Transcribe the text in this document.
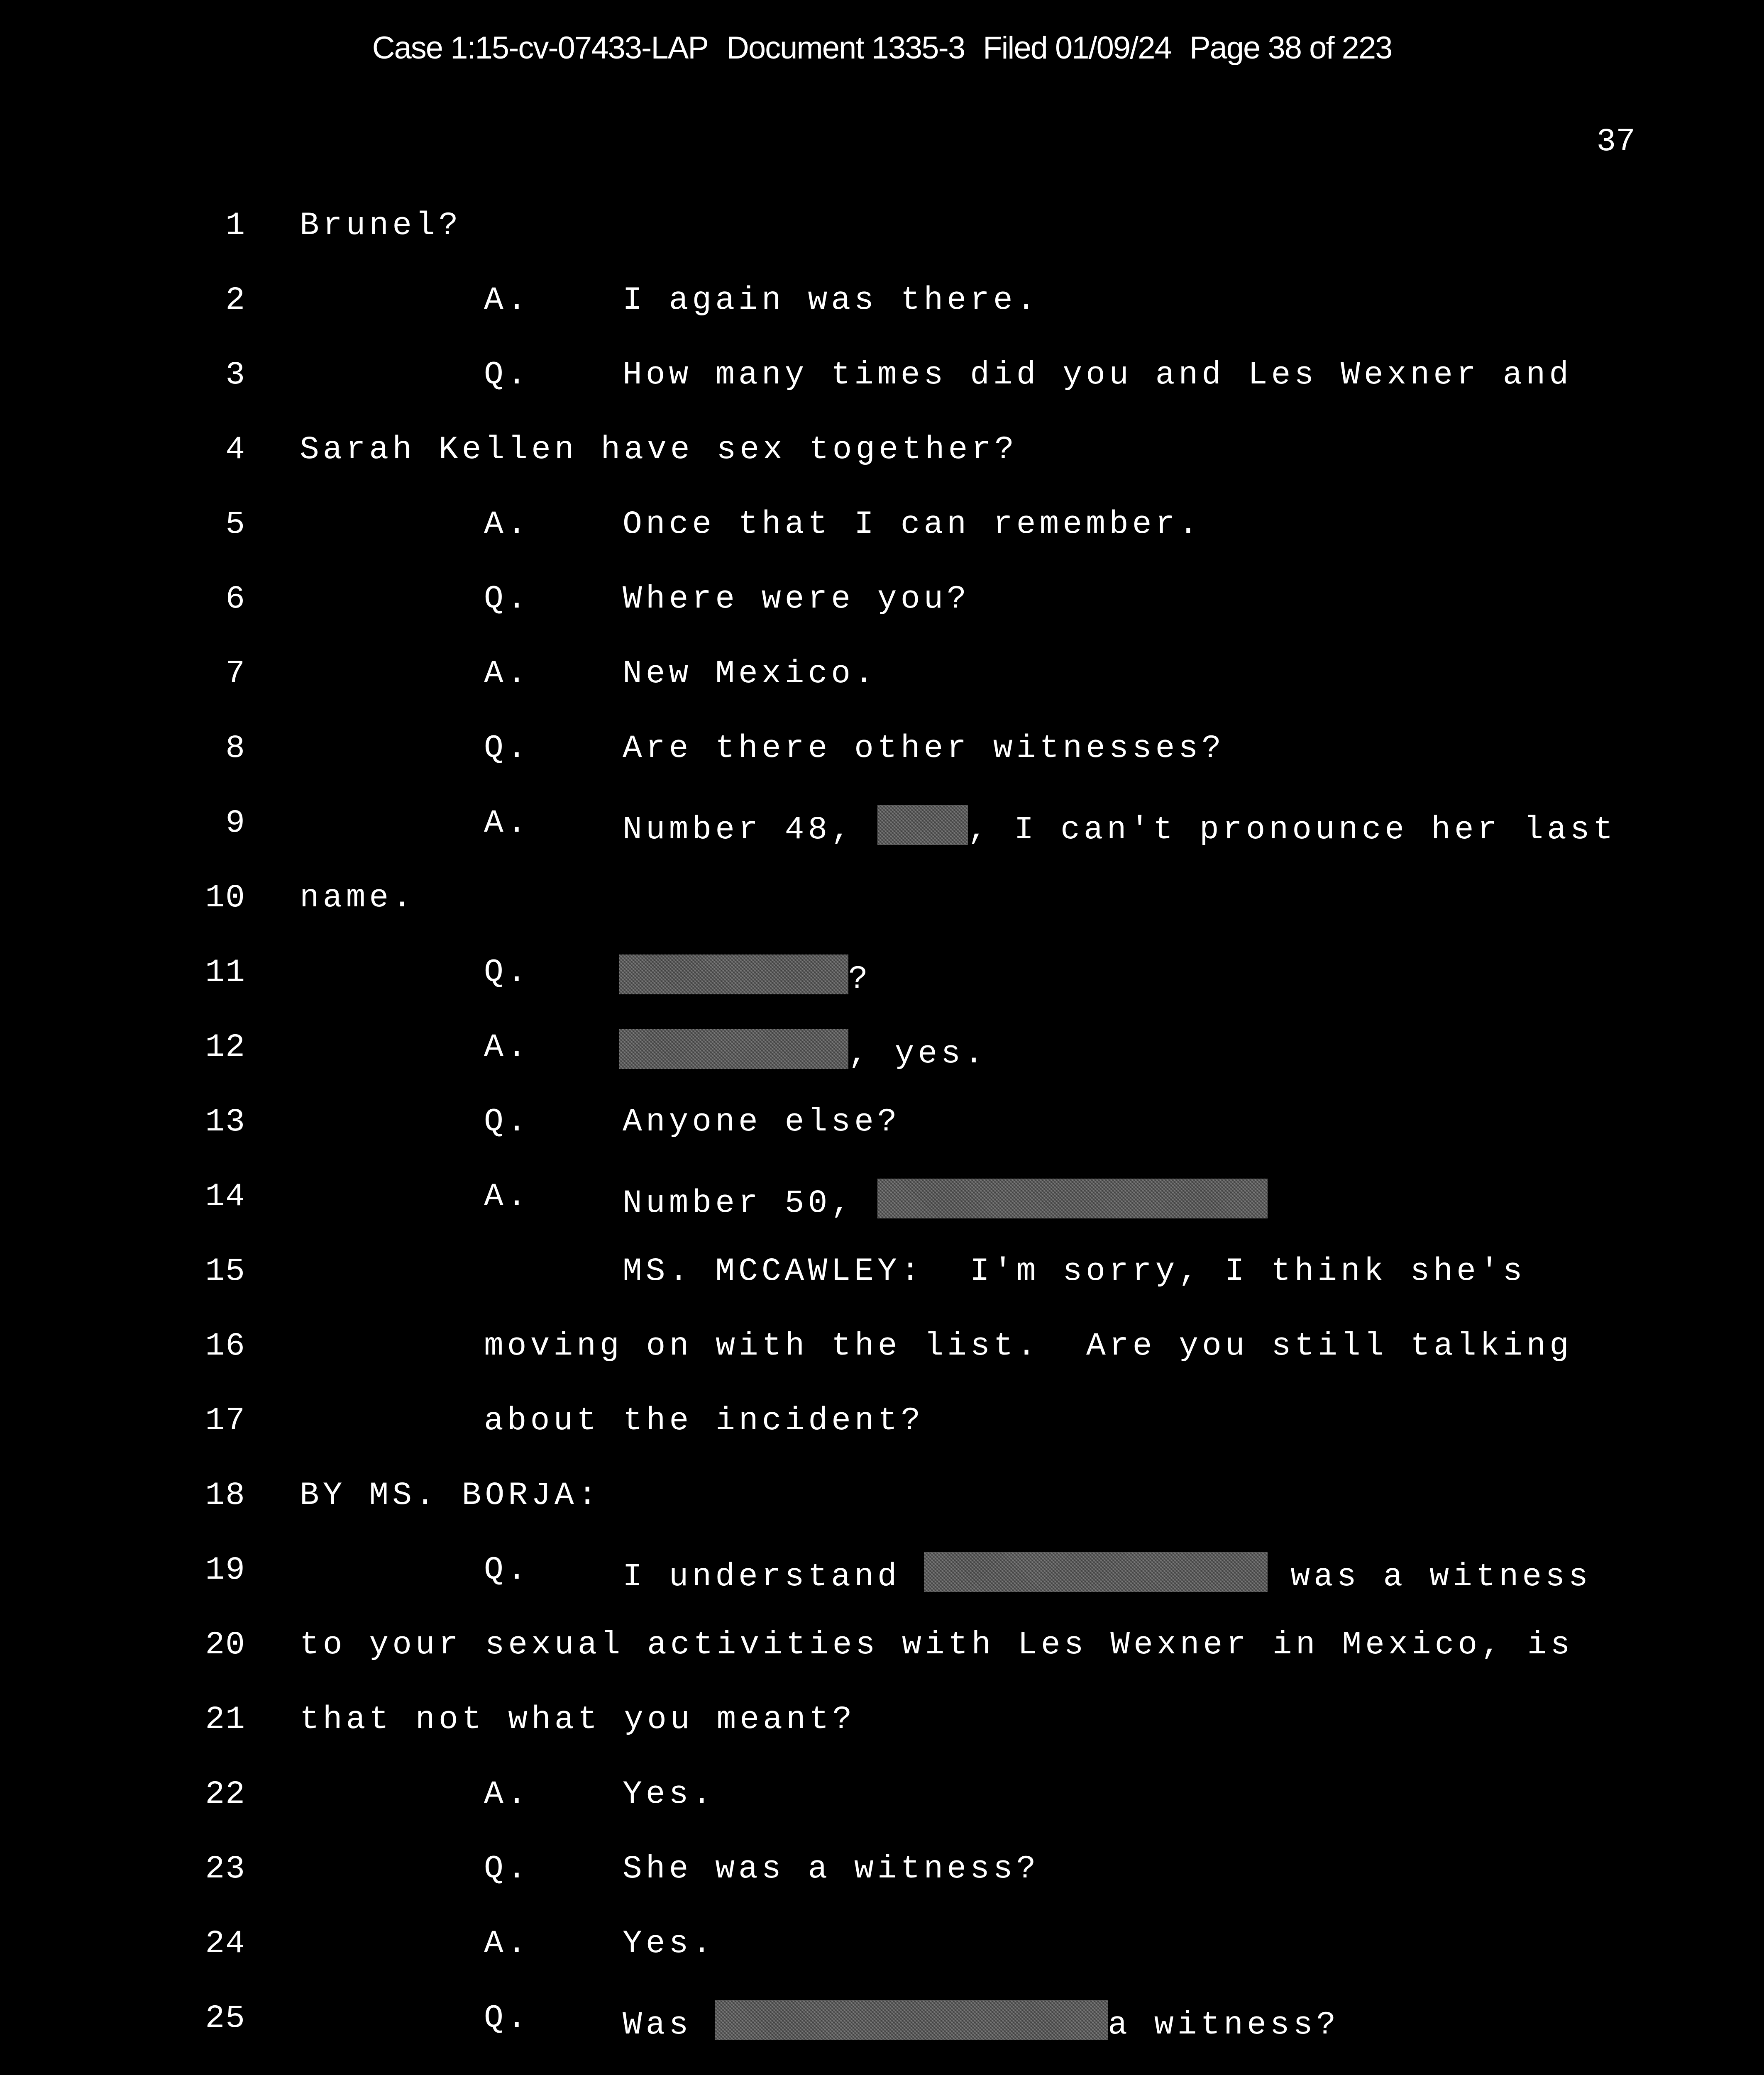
Case 1:15-cv-07433-LAP Document 1335-3 Filed 01/09/24 Page 38 of 223
37

1

Brunel?

2

	A.

	I again was there.

3

	Q.

	How many times did you and Les Wexner and

4

Sarah Kellen have sex together?

5

	A.

	Once that I can remember.

6

	Q.

	Where were you?

7

	A.

	New Mexico.

8

	Q.

	Are there other witnesses?

9

	A.

	Number 48,	, I can't pronounce her last

10

name.

11

	Q.

	?

12

	A.

	, yes.

13

	Q.

	Anyone else?

14

	A.

	Number 50,

15

	MS. MCCAWLEY:  I'm sorry, I think she's

16

	moving on with the list.  Are you still talking

17

	about the incident?

18

BY MS. BORJA:

19

	Q.

	I understand	was a witness

20

to your sexual activities with Les Wexner in Mexico, is

21

that not what you meant?

22

	A.

	Yes.

23

	Q.

	She was a witness?

24

	A.

	Yes.

25

	Q.

	Was	a witness?
